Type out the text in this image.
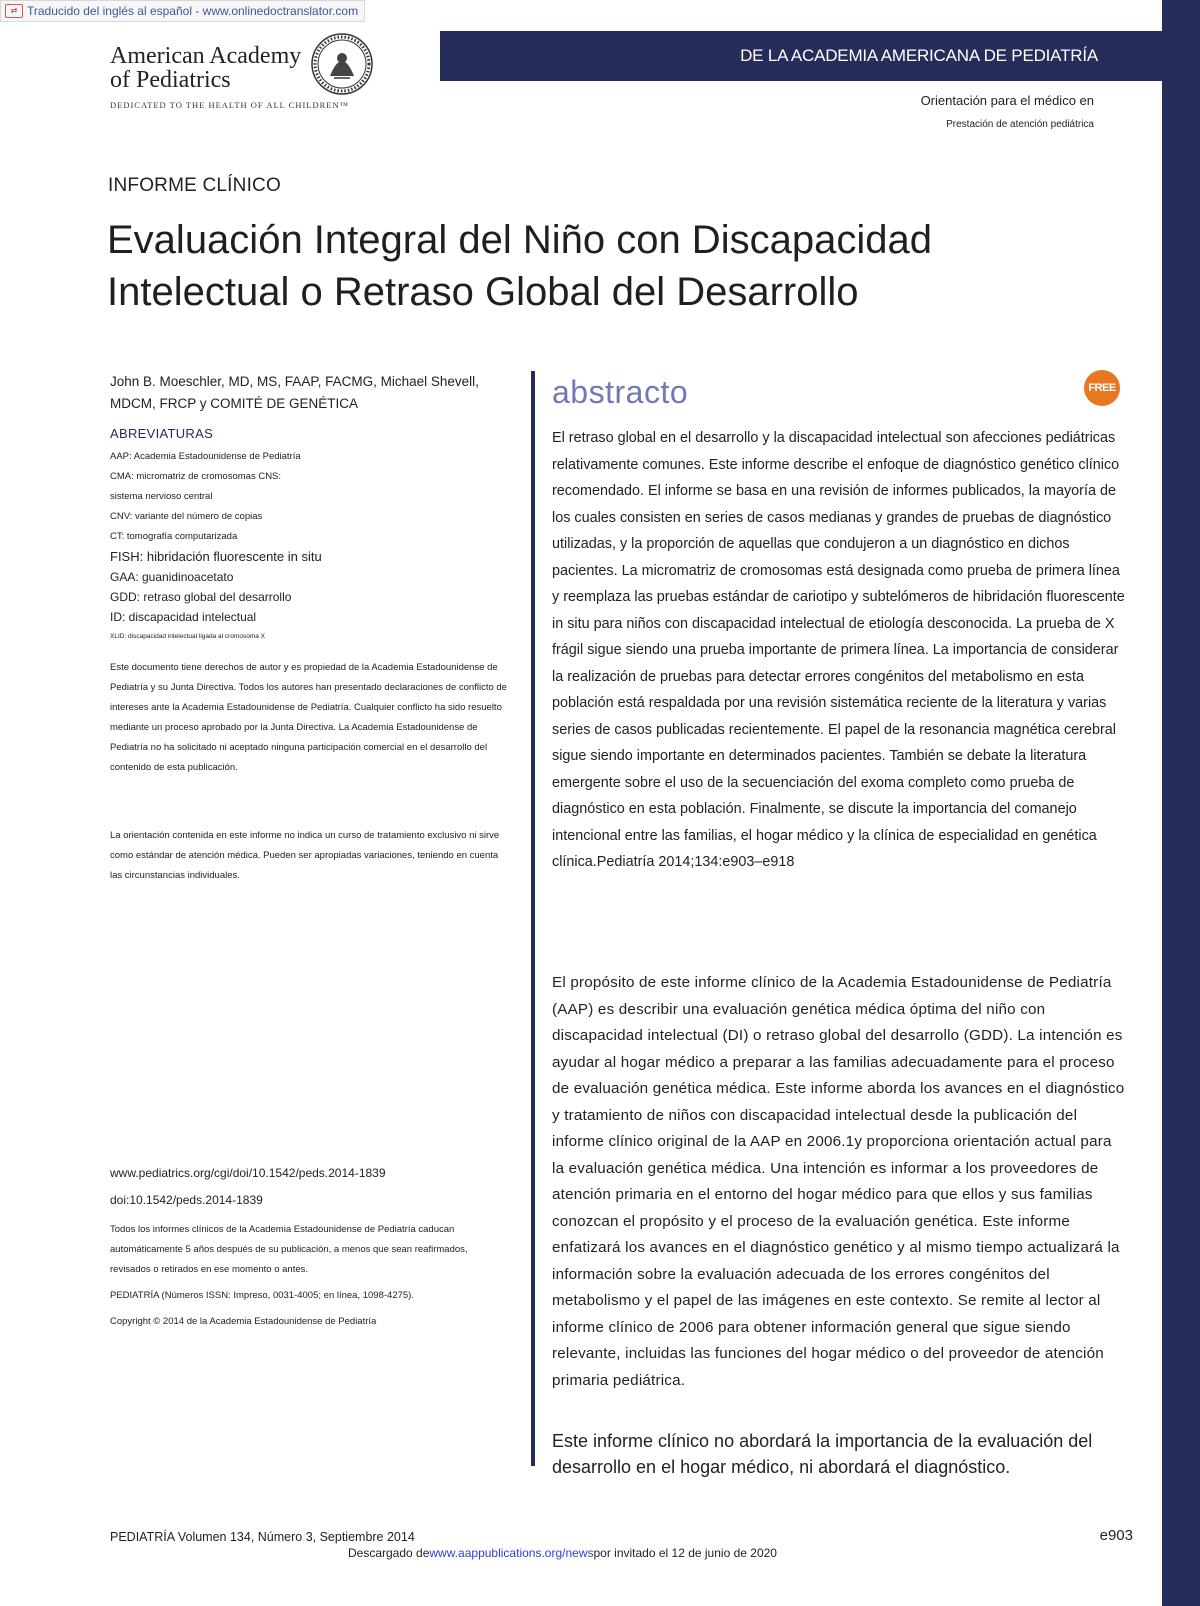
⇄ Traducido del inglés al español - www.onlinedoctranslator.com
DE LA ACADEMIA AMERICANA DE PEDIATRÍA
American Academy
of Pediatrics
DEDICATED TO THE HEALTH OF ALL CHILDREN™	Orientación para el médico en
Prestación de atención pediátrica
INFORME CLÍNICO
Evaluación Integral del Niño con Discapacidad
Intelectual o Retraso Global del Desarrollo
John B. Moeschler, MD, MS, FAAP, FACMG, Michael Shevell,
MDCM, FRCP y COMITÉ DE GENÉTICA
ABREVIATURAS
AAP: Academia Estadounidense de Pediatría
CMA: micromatriz de cromosomas CNS:
sistema nervioso central
CNV: variante del número de copias
CT: tomografía computarizada
FISH: hibridación fluorescente in situ
GAA: guanidinoacetato
GDD: retraso global del desarrollo
ID: discapacidad intelectual
XLID: discapacidad intelectual ligada al cromosoma X

Este documento tiene derechos de autor y es propiedad de la Academia Estadounidense de Pediatría y su Junta Directiva. Todos los autores han presentado declaraciones de conflicto de intereses ante la Academia Estadounidense de Pediatría. Cualquier conflicto ha sido resuelto mediante un proceso aprobado por la Junta Directiva. La Academia Estadounidense de Pediatría no ha solicitado ni aceptado ninguna participación comercial en el desarrollo del contenido de esta publicación.

La orientación contenida en este informe no indica un curso de tratamiento exclusivo ni sirve como estándar de atención médica. Pueden ser apropiadas variaciones, teniendo en cuenta las circunstancias individuales.

www.pediatrics.org/cgi/doi/10.1542/peds.2014-1839
doi:10.1542/peds.2014-1839
Todos los informes clínicos de la Academia Estadounidense de Pediatría caducan automáticamente 5 años después de su publicación, a menos que sean reafirmados, revisados o retirados en ese momento o antes.
PEDIATRÍA (Números ISSN: Impreso, 0031-4005; en línea, 1098-4275).
Copyright © 2014 de la Academia Estadounidense de Pediatría
abstracto	FREE

El retraso global en el desarrollo y la discapacidad intelectual son afecciones pediátricas relativamente comunes. Este informe describe el enfoque de diagnóstico genético clínico recomendado. El informe se basa en una revisión de informes publicados, la mayoría de los cuales consisten en series de casos medianas y grandes de pruebas de diagnóstico utilizadas, y la proporción de aquellas que condujeron a un diagnóstico en dichos pacientes. La micromatriz de cromosomas está designada como prueba de primera línea y reemplaza las pruebas estándar de cariotipo y subtelómeros de hibridación fluorescente in situ para niños con discapacidad intelectual de etiología desconocida. La prueba de X frágil sigue siendo una prueba importante de primera línea. La importancia de considerar la realización de pruebas para detectar errores congénitos del metabolismo en esta población está respaldada por una revisión sistemática reciente de la literatura y varias series de casos publicadas recientemente. El papel de la resonancia magnética cerebral sigue siendo importante en determinados pacientes. También se debate la literatura emergente sobre el uso de la secuenciación del exoma completo como prueba de diagnóstico en esta población. Finalmente, se discute la importancia del comanejo intencional entre las familias, el hogar médico y la clínica de especialidad en genética clínica.Pediatría 2014;134:e903–e918

El propósito de este informe clínico de la Academia Estadounidense de Pediatría (AAP) es describir una evaluación genética médica óptima del niño con discapacidad intelectual (DI) o retraso global del desarrollo (GDD). La intención es ayudar al hogar médico a preparar a las familias adecuadamente para el proceso de evaluación genética médica. Este informe aborda los avances en el diagnóstico y tratamiento de niños con discapacidad intelectual desde la publicación del informe clínico original de la AAP en 2006.1y proporciona orientación actual para la evaluación genética médica. Una intención es informar a los proveedores de atención primaria en el entorno del hogar médico para que ellos y sus familias conozcan el propósito y el proceso de la evaluación genética. Este informe enfatizará los avances en el diagnóstico genético y al mismo tiempo actualizará la información sobre la evaluación adecuada de los errores congénitos del metabolismo y el papel de las imágenes en este contexto. Se remite al lector al informe clínico de 2006 para obtener información general que sigue siendo relevante, incluidas las funciones del hogar médico o del proveedor de atención primaria pediátrica.

Este informe clínico no abordará la importancia de la evaluación del desarrollo en el hogar médico, ni abordará el diagnóstico.

PEDIATRÍA Volumen 134, Número 3, Septiembre 2014	e903
Descargado dewww.aappublications.org/newspor invitado el 12 de junio de 2020
